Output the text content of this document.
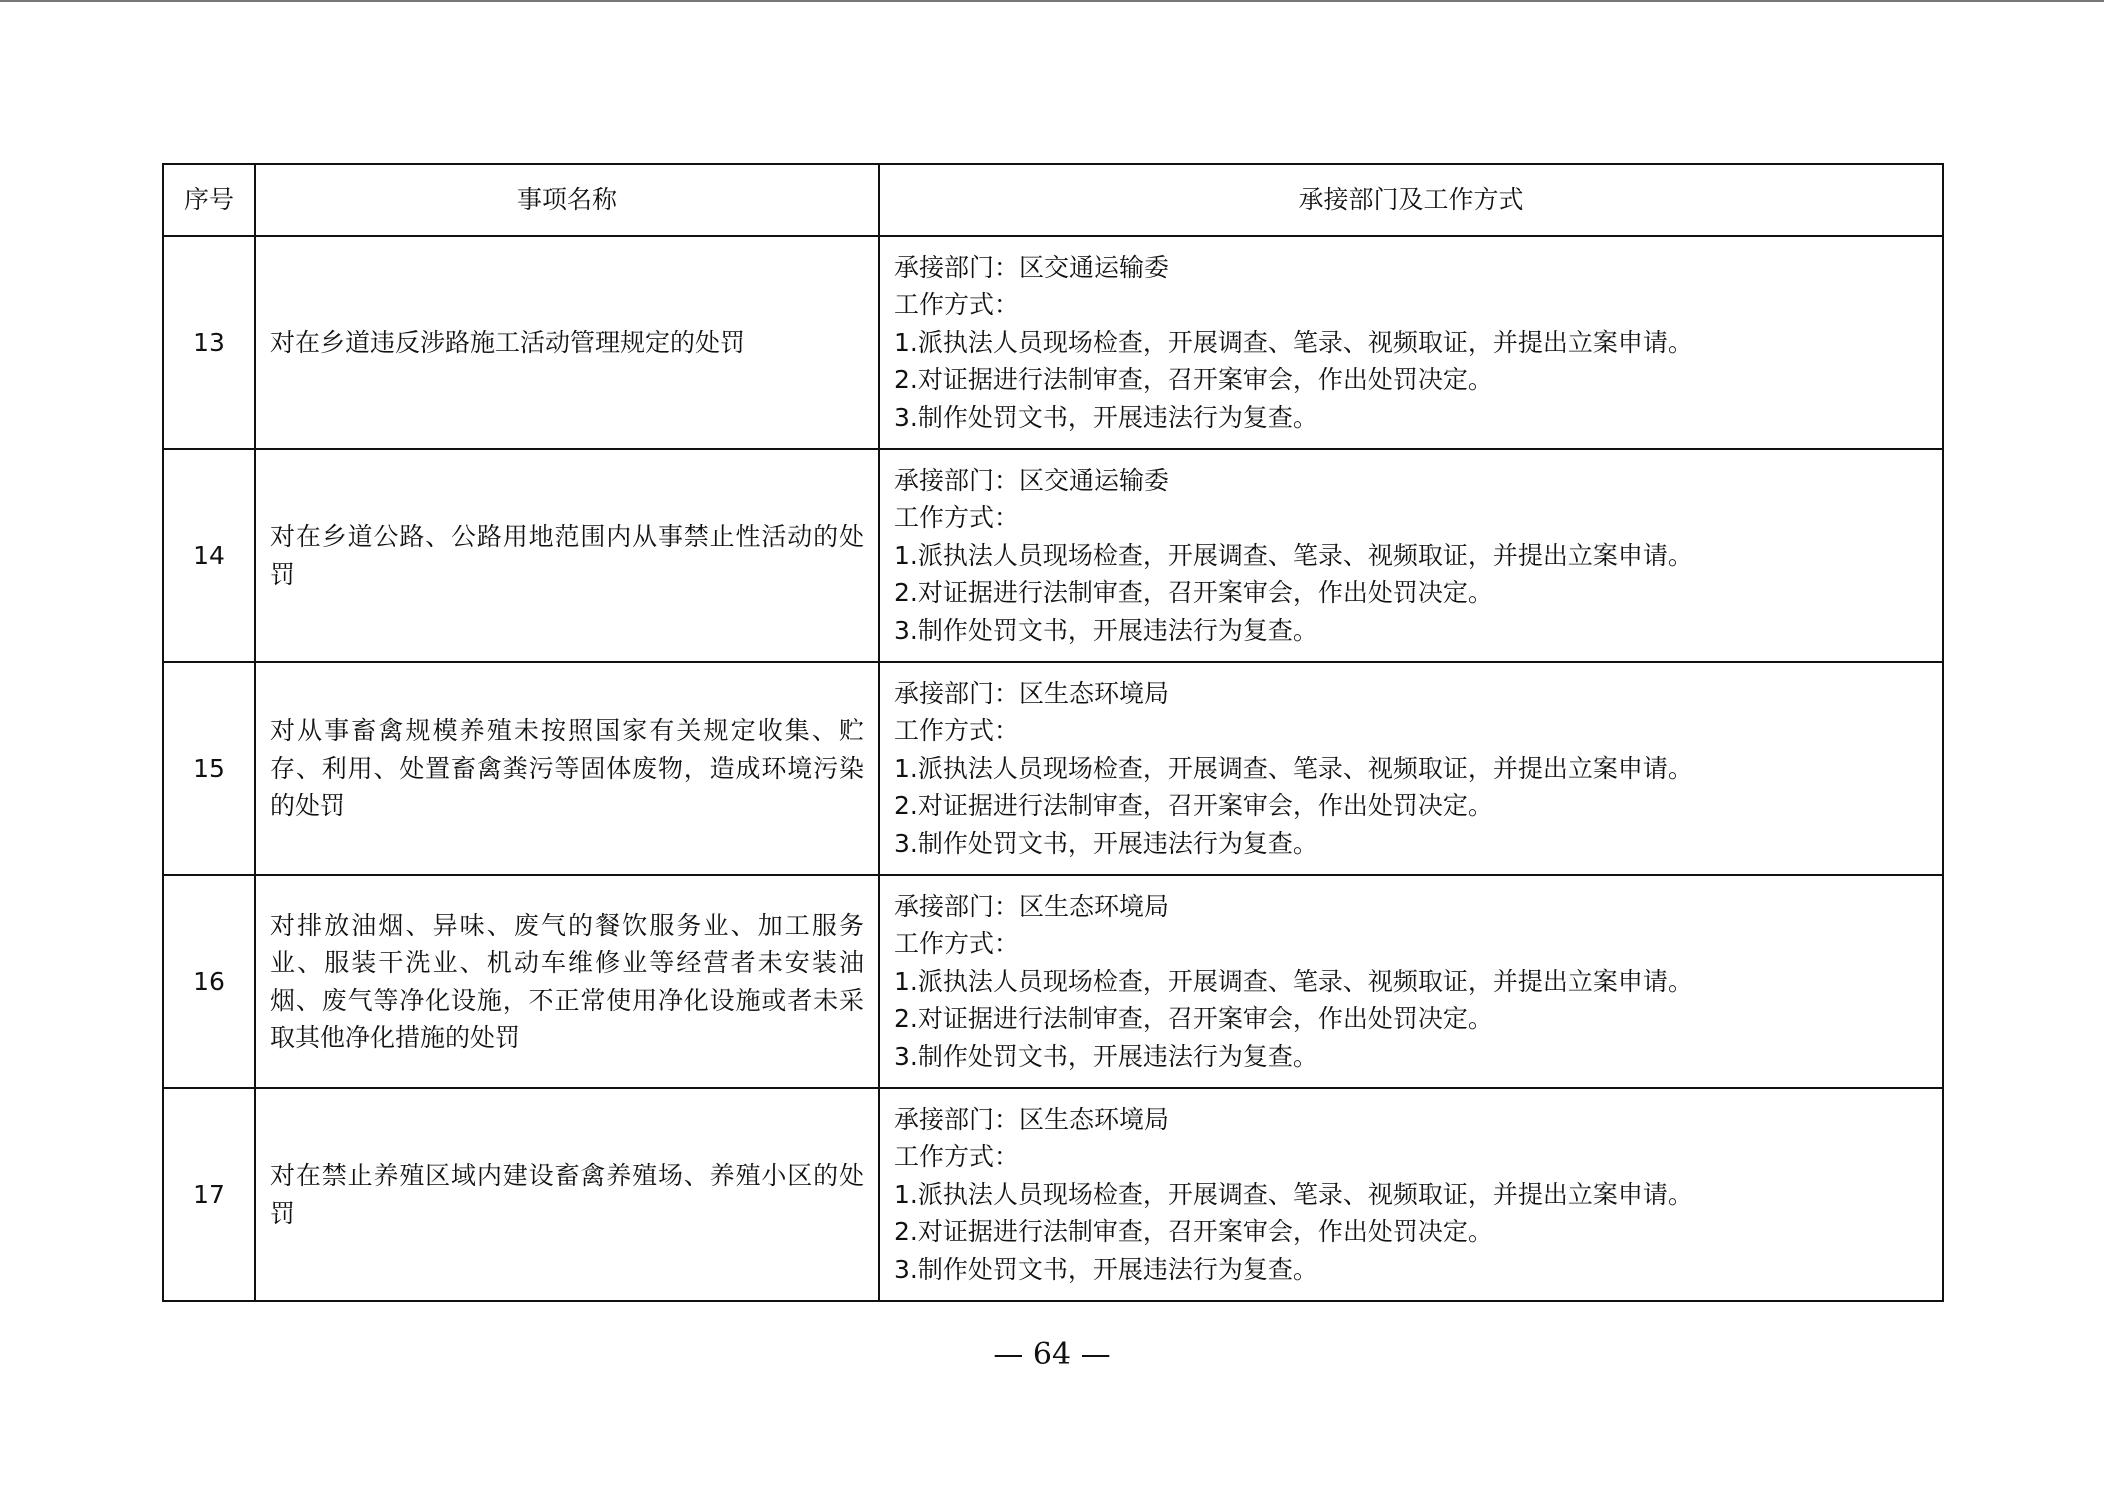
序号	事项名称	承接部门及工作方式
13	对在乡道违反涉路施工活动管理规定的处罚	承接部门：区交通运输委
工作方式：
1.派执法人员现场检查，开展调查、笔录、视频取证，并提出立案申请。
2.对证据进行法制审查，召开案审会，作出处罚决定。
3.制作处罚文书，开展违法行为复查。

14	对在乡道公路、公路用地范围内从事禁止性活动的处罚	承接部门：区交通运输委
工作方式：
1.派执法人员现场检查，开展调查、笔录、视频取证，并提出立案申请。
2.对证据进行法制审查，召开案审会，作出处罚决定。
3.制作处罚文书，开展违法行为复查。

15	对从事畜禽规模养殖未按照国家有关规定收集、贮存、利用、处置畜禽粪污等固体废物，造成环境污染的处罚	承接部门：区生态环境局
工作方式：
1.派执法人员现场检查，开展调查、笔录、视频取证，并提出立案申请。
2.对证据进行法制审查，召开案审会，作出处罚决定。
3.制作处罚文书，开展违法行为复查。

16	对排放油烟、异味、废气的餐饮服务业、加工服务业、服装干洗业、机动车维修业等经营者未安装油烟、废气等净化设施，不正常使用净化设施或者未采取其他净化措施的处罚	承接部门：区生态环境局
工作方式：
1.派执法人员现场检查，开展调查、笔录、视频取证，并提出立案申请。
2.对证据进行法制审查，召开案审会，作出处罚决定。
3.制作处罚文书，开展违法行为复查。

17	对在禁止养殖区域内建设畜禽养殖场、养殖小区的处罚	承接部门：区生态环境局
工作方式：
1.派执法人员现场检查，开展调查、笔录、视频取证，并提出立案申请。
2.对证据进行法制审查，召开案审会，作出处罚决定。
3.制作处罚文书，开展违法行为复查。
— 64 —
